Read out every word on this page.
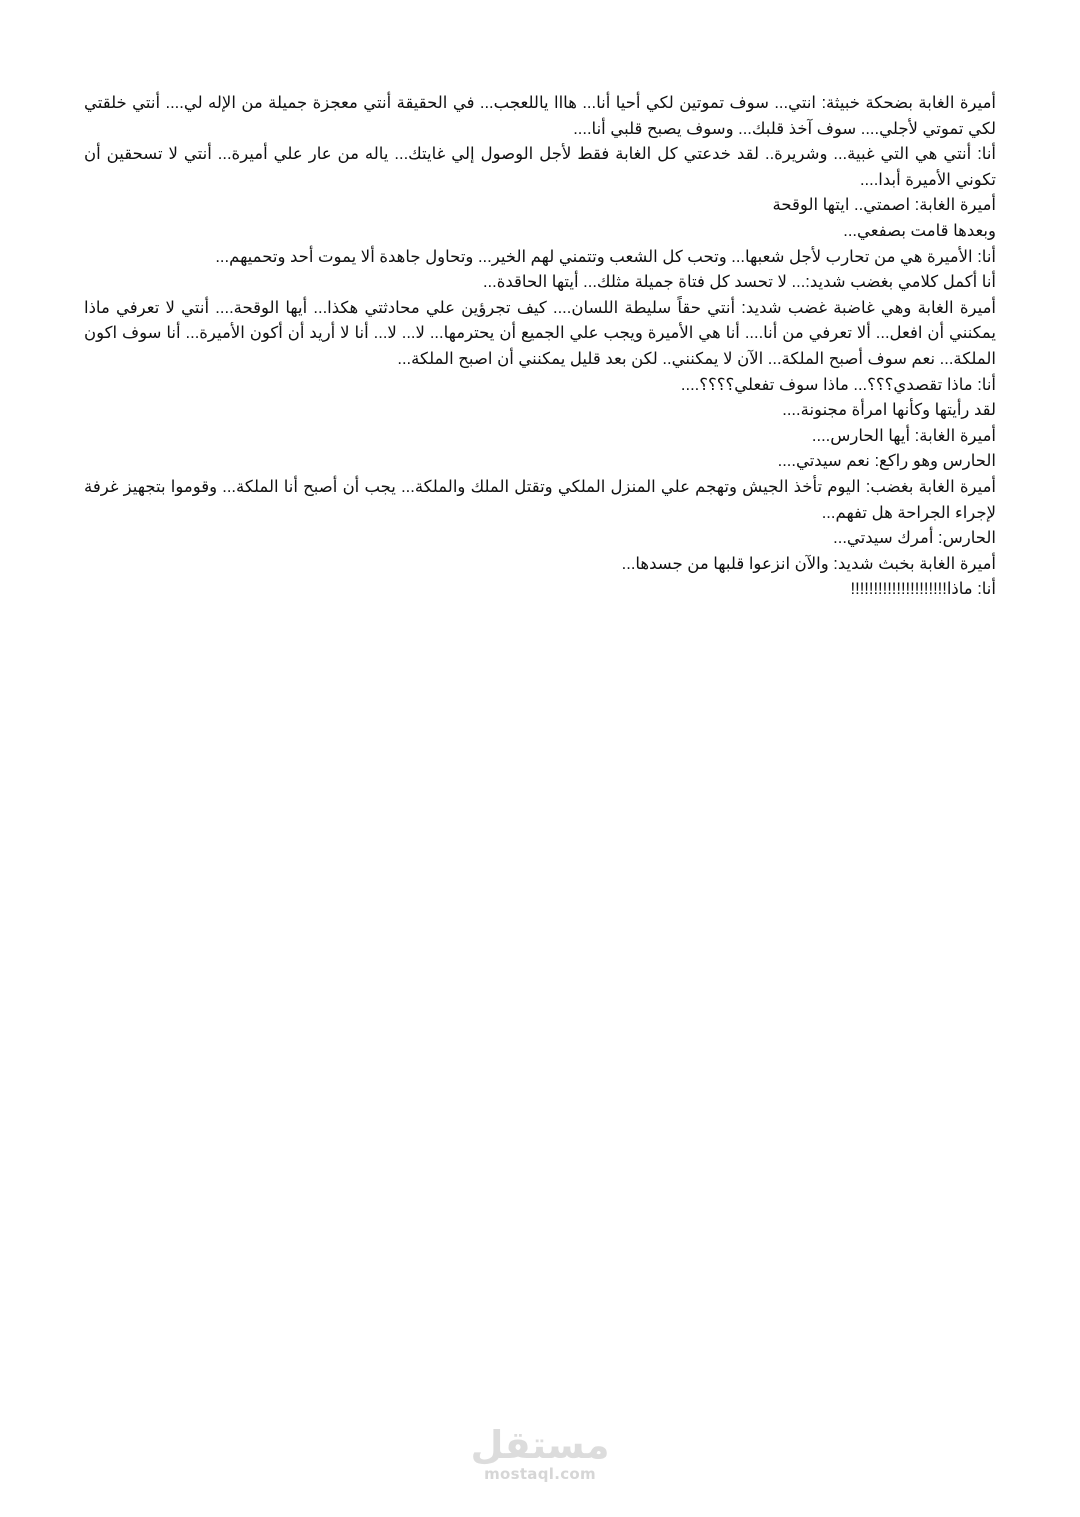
أميرة الغابة بضحكة خبيثة: انتي... سوف تموتين لكي أحيا أنا... هااا ياللعجب... في الحقيقة أنتي معجزة جميلة من الإله لي.... أنتي خلقتي لكي تموتي لأجلي.... سوف آخذ قلبك... وسوف يصبح قلبي أنا....

أنا: أنتي هي التي غبية... وشريرة.. لقد خدعتي كل الغابة فقط لأجل الوصول إلي غايتك... ياله من عار علي أميرة... أنتي لا تسحقين أن تكوني الأميرة أبدا....

أميرة الغابة: اصمتي.. ايتها الوقحة

وبعدها قامت بصفعي...

أنا: الأميرة هي من تحارب لأجل شعبها... وتحب كل الشعب وتتمني لهم الخير... وتحاول جاهدة ألا يموت أحد وتحميهم...

أنا أكمل كلامي بغضب شديد:... لا تحسد كل فتاة جميلة مثلك... أيتها الحاقدة...

أميرة الغابة وهي غاضبة غضب شديد: أنتي حقاً سليطة اللسان.... كيف تجرؤين علي محادثتي هكذا... أيها الوقحة.... أنتي لا تعرفي ماذا يمكنني أن افعل... ألا تعرفي من أنا.... أنا هي الأميرة ويجب علي الجميع أن يحترمها... لا... لا... أنا لا أريد أن أكون الأميرة... أنا سوف اكون الملكة... نعم سوف أصبح الملكة... الآن لا يمكنني.. لكن بعد قليل يمكنني أن اصبح الملكة...

أنا: ماذا تقصدي؟؟؟... ماذا سوف تفعلي؟؟؟؟....

لقد رأيتها وكأنها امرأة مجنونة....

أميرة الغابة: أيها الحارس....

الحارس وهو راكع: نعم سيدتي....

أميرة الغابة بغضب: اليوم تأخذ الجيش وتهجم علي المنزل الملكي وتقتل الملك والملكة... يجب أن أصبح أنا الملكة... وقوموا بتجهيز غرفة لإجراء الجراحة هل تفهم...

الحارس: أمرك سيدتي...

أميرة الغابة بخبث شديد: والآن انزعوا قلبها من جسدها...

أنا: ماذا!!!!!!!!!!!!!!!!!!!!!

مستقل
mostaql.com
